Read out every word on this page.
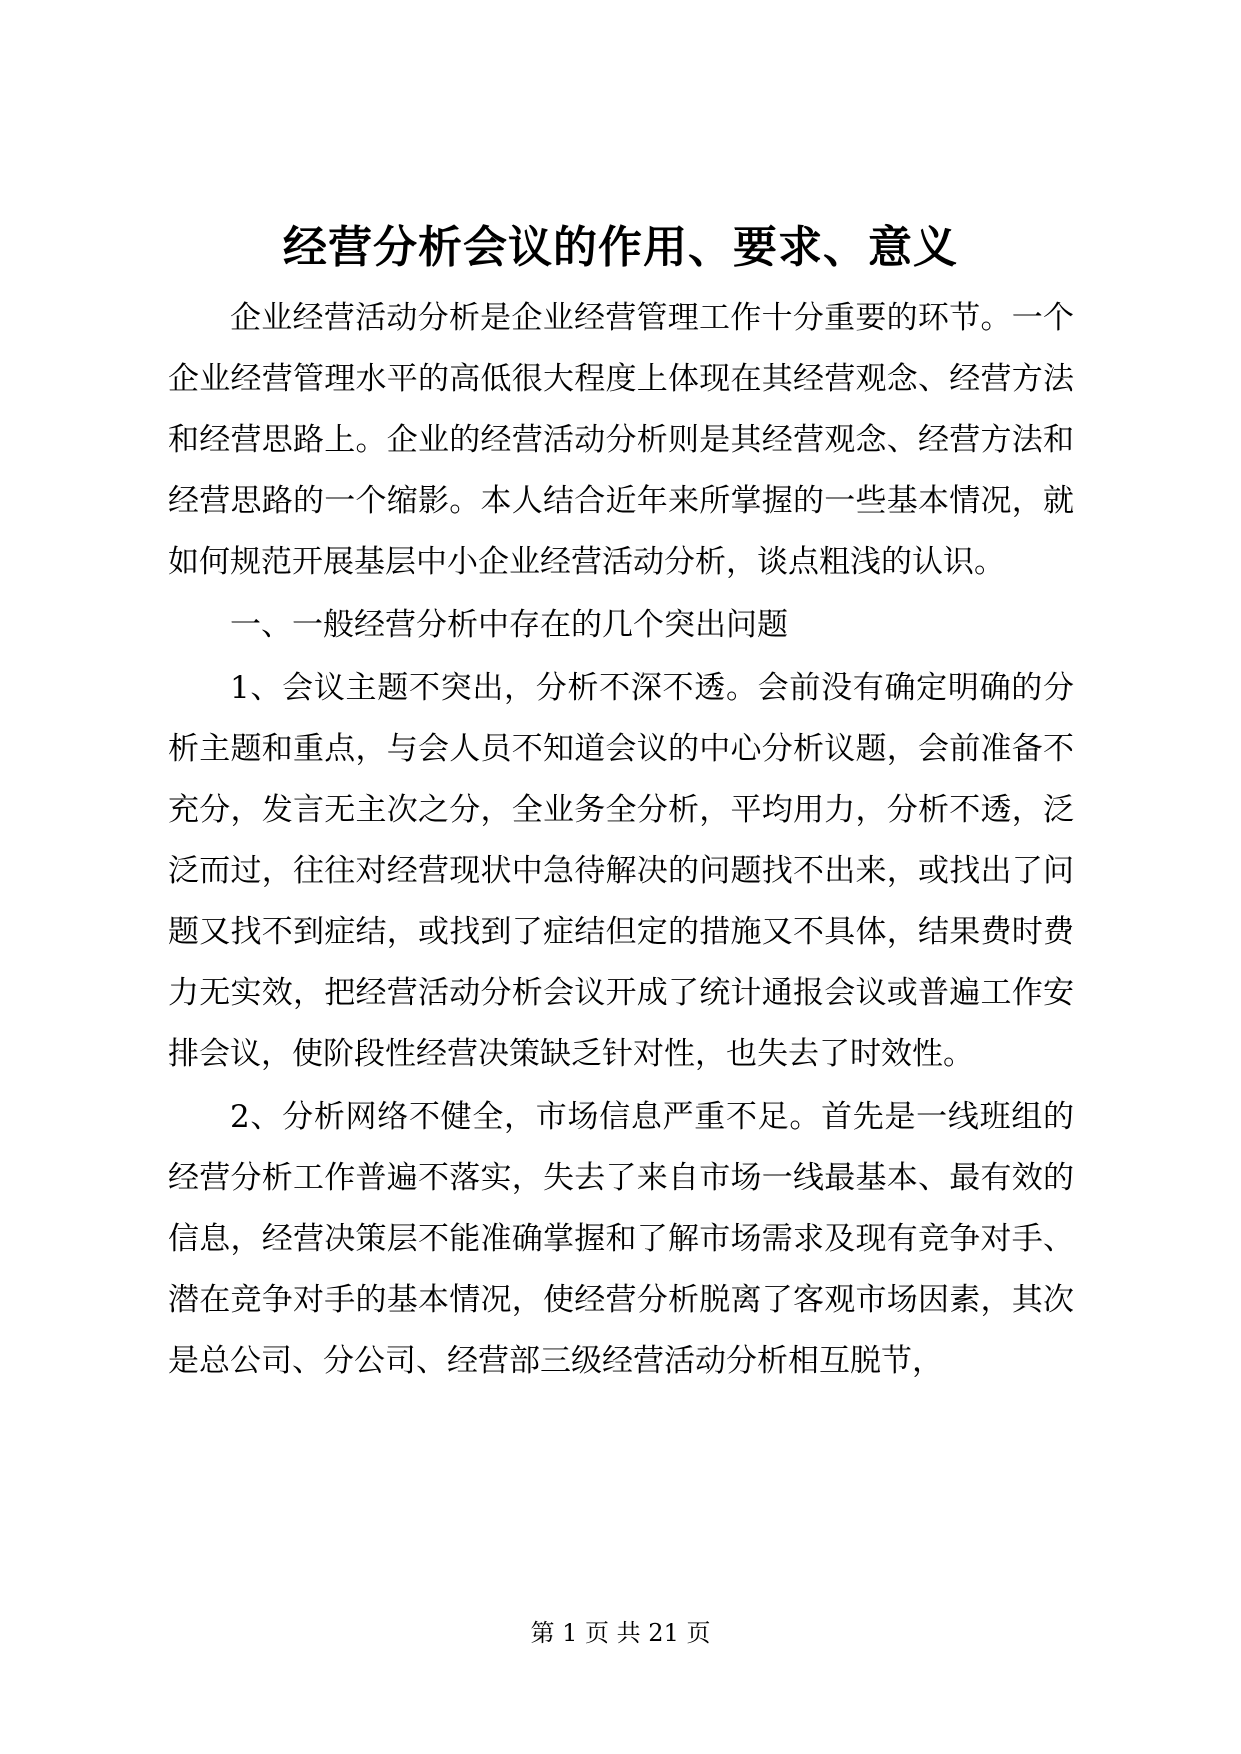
经营分析会议的作用、要求、意义

企业经营活动分析是企业经营管理工作十分重要的环节。一个企业经营管理水平的高低很大程度上体现在其经营观念、经营方法和经营思路上。企业的经营活动分析则是其经营观念、经营方法和经营思路的一个缩影。本人结合近年来所掌握的一些基本情况，就如何规范开展基层中小企业经营活动分析，谈点粗浅的认识。

一、一般经营分析中存在的几个突出问题

1、会议主题不突出，分析不深不透。会前没有确定明确的分析主题和重点，与会人员不知道会议的中心分析议题，会前准备不充分，发言无主次之分，全业务全分析，平均用力，分析不透，泛泛而过，往往对经营现状中急待解决的问题找不出来，或找出了问题又找不到症结，或找到了症结但定的措施又不具体，结果费时费力无实效，把经营活动分析会议开成了统计通报会议或普遍工作安排会议，使阶段性经营决策缺乏针对性，也失去了时效性。

2、分析网络不健全，市场信息严重不足。首先是一线班组的经营分析工作普遍不落实，失去了来自市场一线最基本、最有效的信息，经营决策层不能准确掌握和了解市场需求及现有竞争对手、潜在竞争对手的基本情况，使经营分析脱离了客观市场因素，其次是总公司、分公司、经营部三级经营活动分析相互脱节，

第 1 页 共 21 页
